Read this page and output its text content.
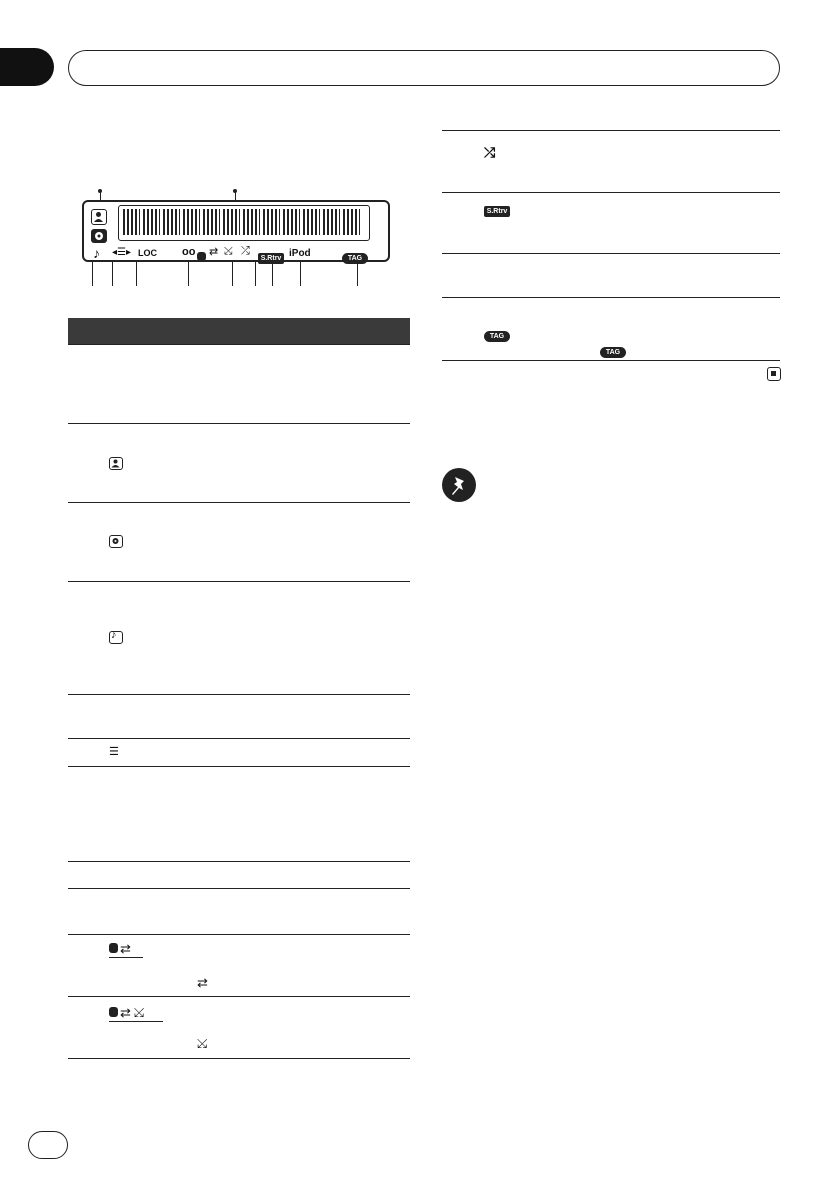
♪ ◂☰▸ LOC oo ⇄ ⤩ ⤮
S.Rtrv iPod	TAG
♪
☰
⇄
⇄
⇄ ⤩
⤩
⤮
S.Rtrv
TAG
TAG
